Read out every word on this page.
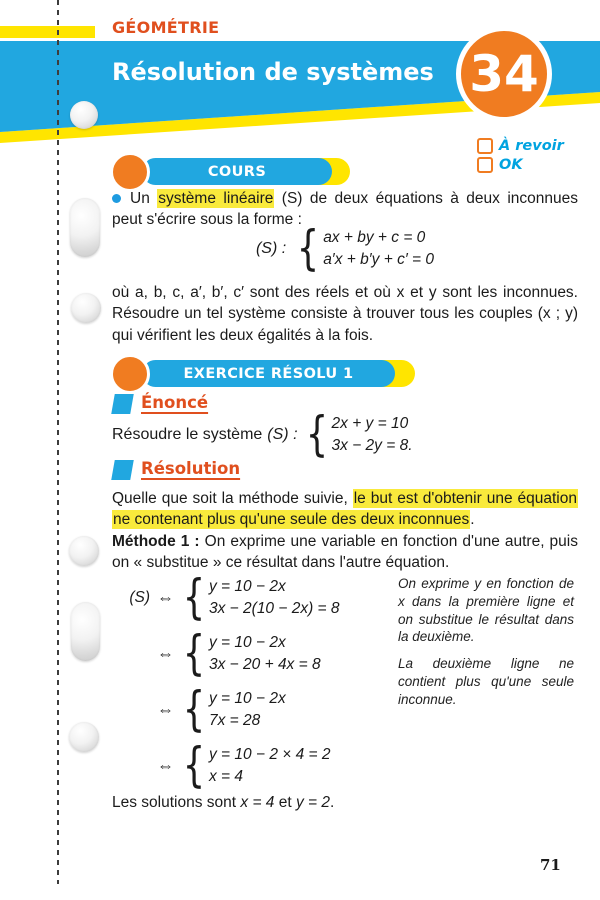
GÉOMÉTRIE
Résolution de systèmes 34
À revoir
OK
COURS
Un système linéaire (S) de deux équations à deux inconnues peut s'écrire sous la forme :
(S) : { ax + by + c = 0
a′x + b′y + c′ = 0
où a, b, c, a′, b′, c′ sont des réels et où x et y sont les inconnues. Résoudre un tel système consiste à trouver tous les couples (x ; y) qui vérifient les deux égalités à la fois.
EXERCICE RÉSOLU 1
Énoncé
Résoudre le système (S) : { 2x + y = 10
3x − 2y = 8.
Résolution
Quelle que soit la méthode suivie, le but est d'obtenir une équation ne contenant plus qu'une seule des deux inconnues.
Méthode 1 : On exprime une variable en fonction d'une autre, puis on « substitue » ce résultat dans l'autre équation.
(S) ⇔ { y = 10 − 2x
3x − 2(10 − 2x) = 8
⇔ { y = 10 − 2x
3x − 20 + 4x = 8
⇔ { y = 10 − 2x
7x = 28
⇔ { y = 10 − 2 × 4 = 2
x = 4
On exprime y en fonction de x dans la première ligne et on substitue le résultat dans la deuxième.
La deuxième ligne ne contient plus qu'une seule inconnue.
Les solutions sont x = 4 et y = 2.
71
